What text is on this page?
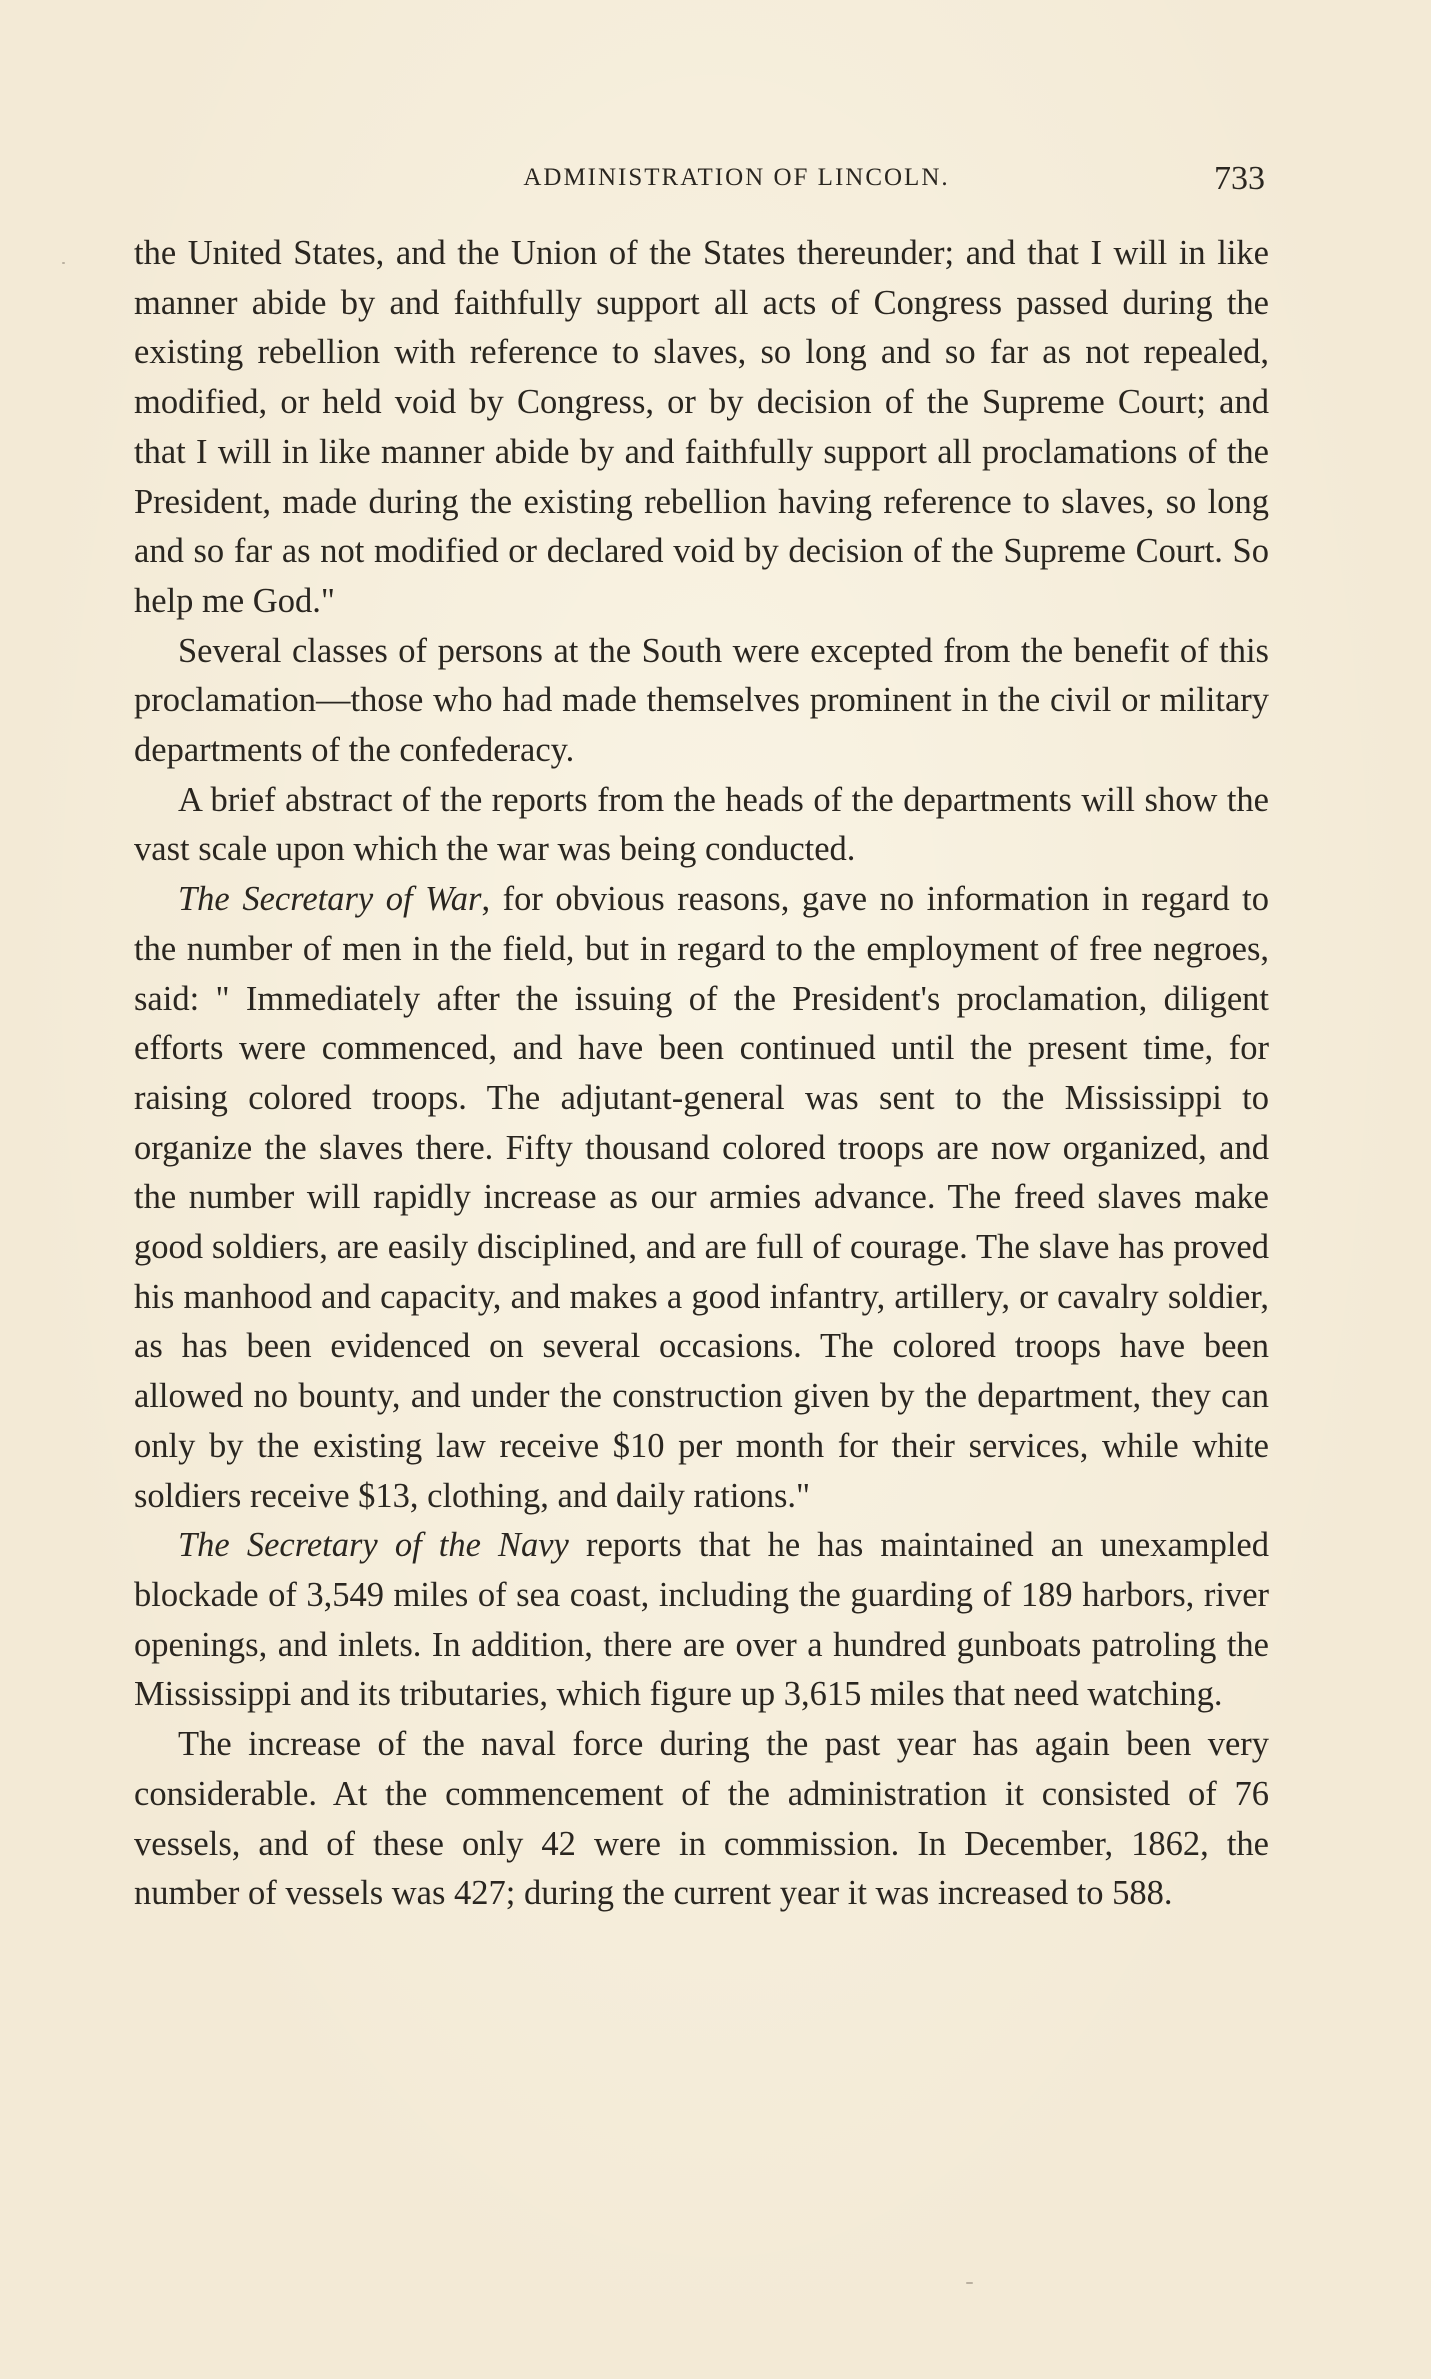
ADMINISTRATION OF LINCOLN.	733

the United States, and the Union of the States thereunder; and that I will in like manner abide by and faithfully support all acts of Congress passed during the existing rebellion with reference to slaves, so long and so far as not repealed, modified, or held void by Congress, or by decision of the Supreme Court; and that I will in like manner abide by and faithfully support all proclamations of the President, made during the existing rebellion having reference to slaves, so long and so far as not modified or declared void by decision of the Supreme Court. So help me God."

Several classes of persons at the South were excepted from the benefit of this proclamation—those who had made themselves prominent in the civil or military departments of the confederacy.

A brief abstract of the reports from the heads of the departments will show the vast scale upon which the war was being conducted.

The Secretary of War, for obvious reasons, gave no information in regard to the number of men in the field, but in regard to the employment of free negroes, said: " Immediately after the issuing of the President's proclamation, diligent efforts were commenced, and have been continued until the present time, for raising colored troops. The adjutant-general was sent to the Mississippi to organize the slaves there. Fifty thousand colored troops are now organized, and the number will rapidly increase as our armies advance. The freed slaves make good soldiers, are easily disciplined, and are full of courage. The slave has proved his manhood and capacity, and makes a good infantry, artillery, or cavalry soldier, as has been evidenced on several occasions. The colored troops have been allowed no bounty, and under the construction given by the department, they can only by the existing law receive $10 per month for their services, while white soldiers receive $13, clothing, and daily rations."

The Secretary of the Navy reports that he has maintained an unexampled blockade of 3,549 miles of sea coast, including the guarding of 189 harbors, river openings, and inlets. In addition, there are over a hundred gunboats patroling the Mississippi and its tributaries, which figure up 3,615 miles that need watching.

The increase of the naval force during the past year has again been very considerable. At the commencement of the administration it consisted of 76 vessels, and of these only 42 were in commission. In December, 1862, the number of vessels was 427; during the current year it was increased to 588.
